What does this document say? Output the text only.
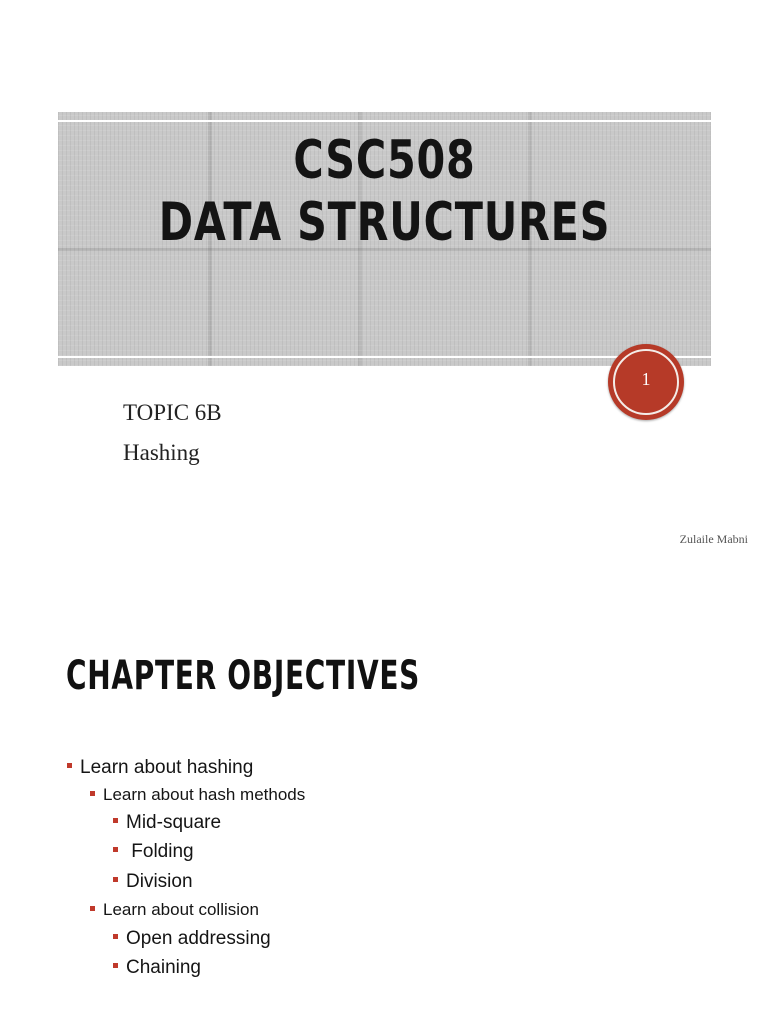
CSC508
DATA STRUCTURES
1
TOPIC 6B
Hashing
Zulaile Mabni
CHAPTER OBJECTIVES
Learn about hashing
Learn about hash methods
Mid-square
Folding
Division
Learn about collision
Open addressing
Chaining
